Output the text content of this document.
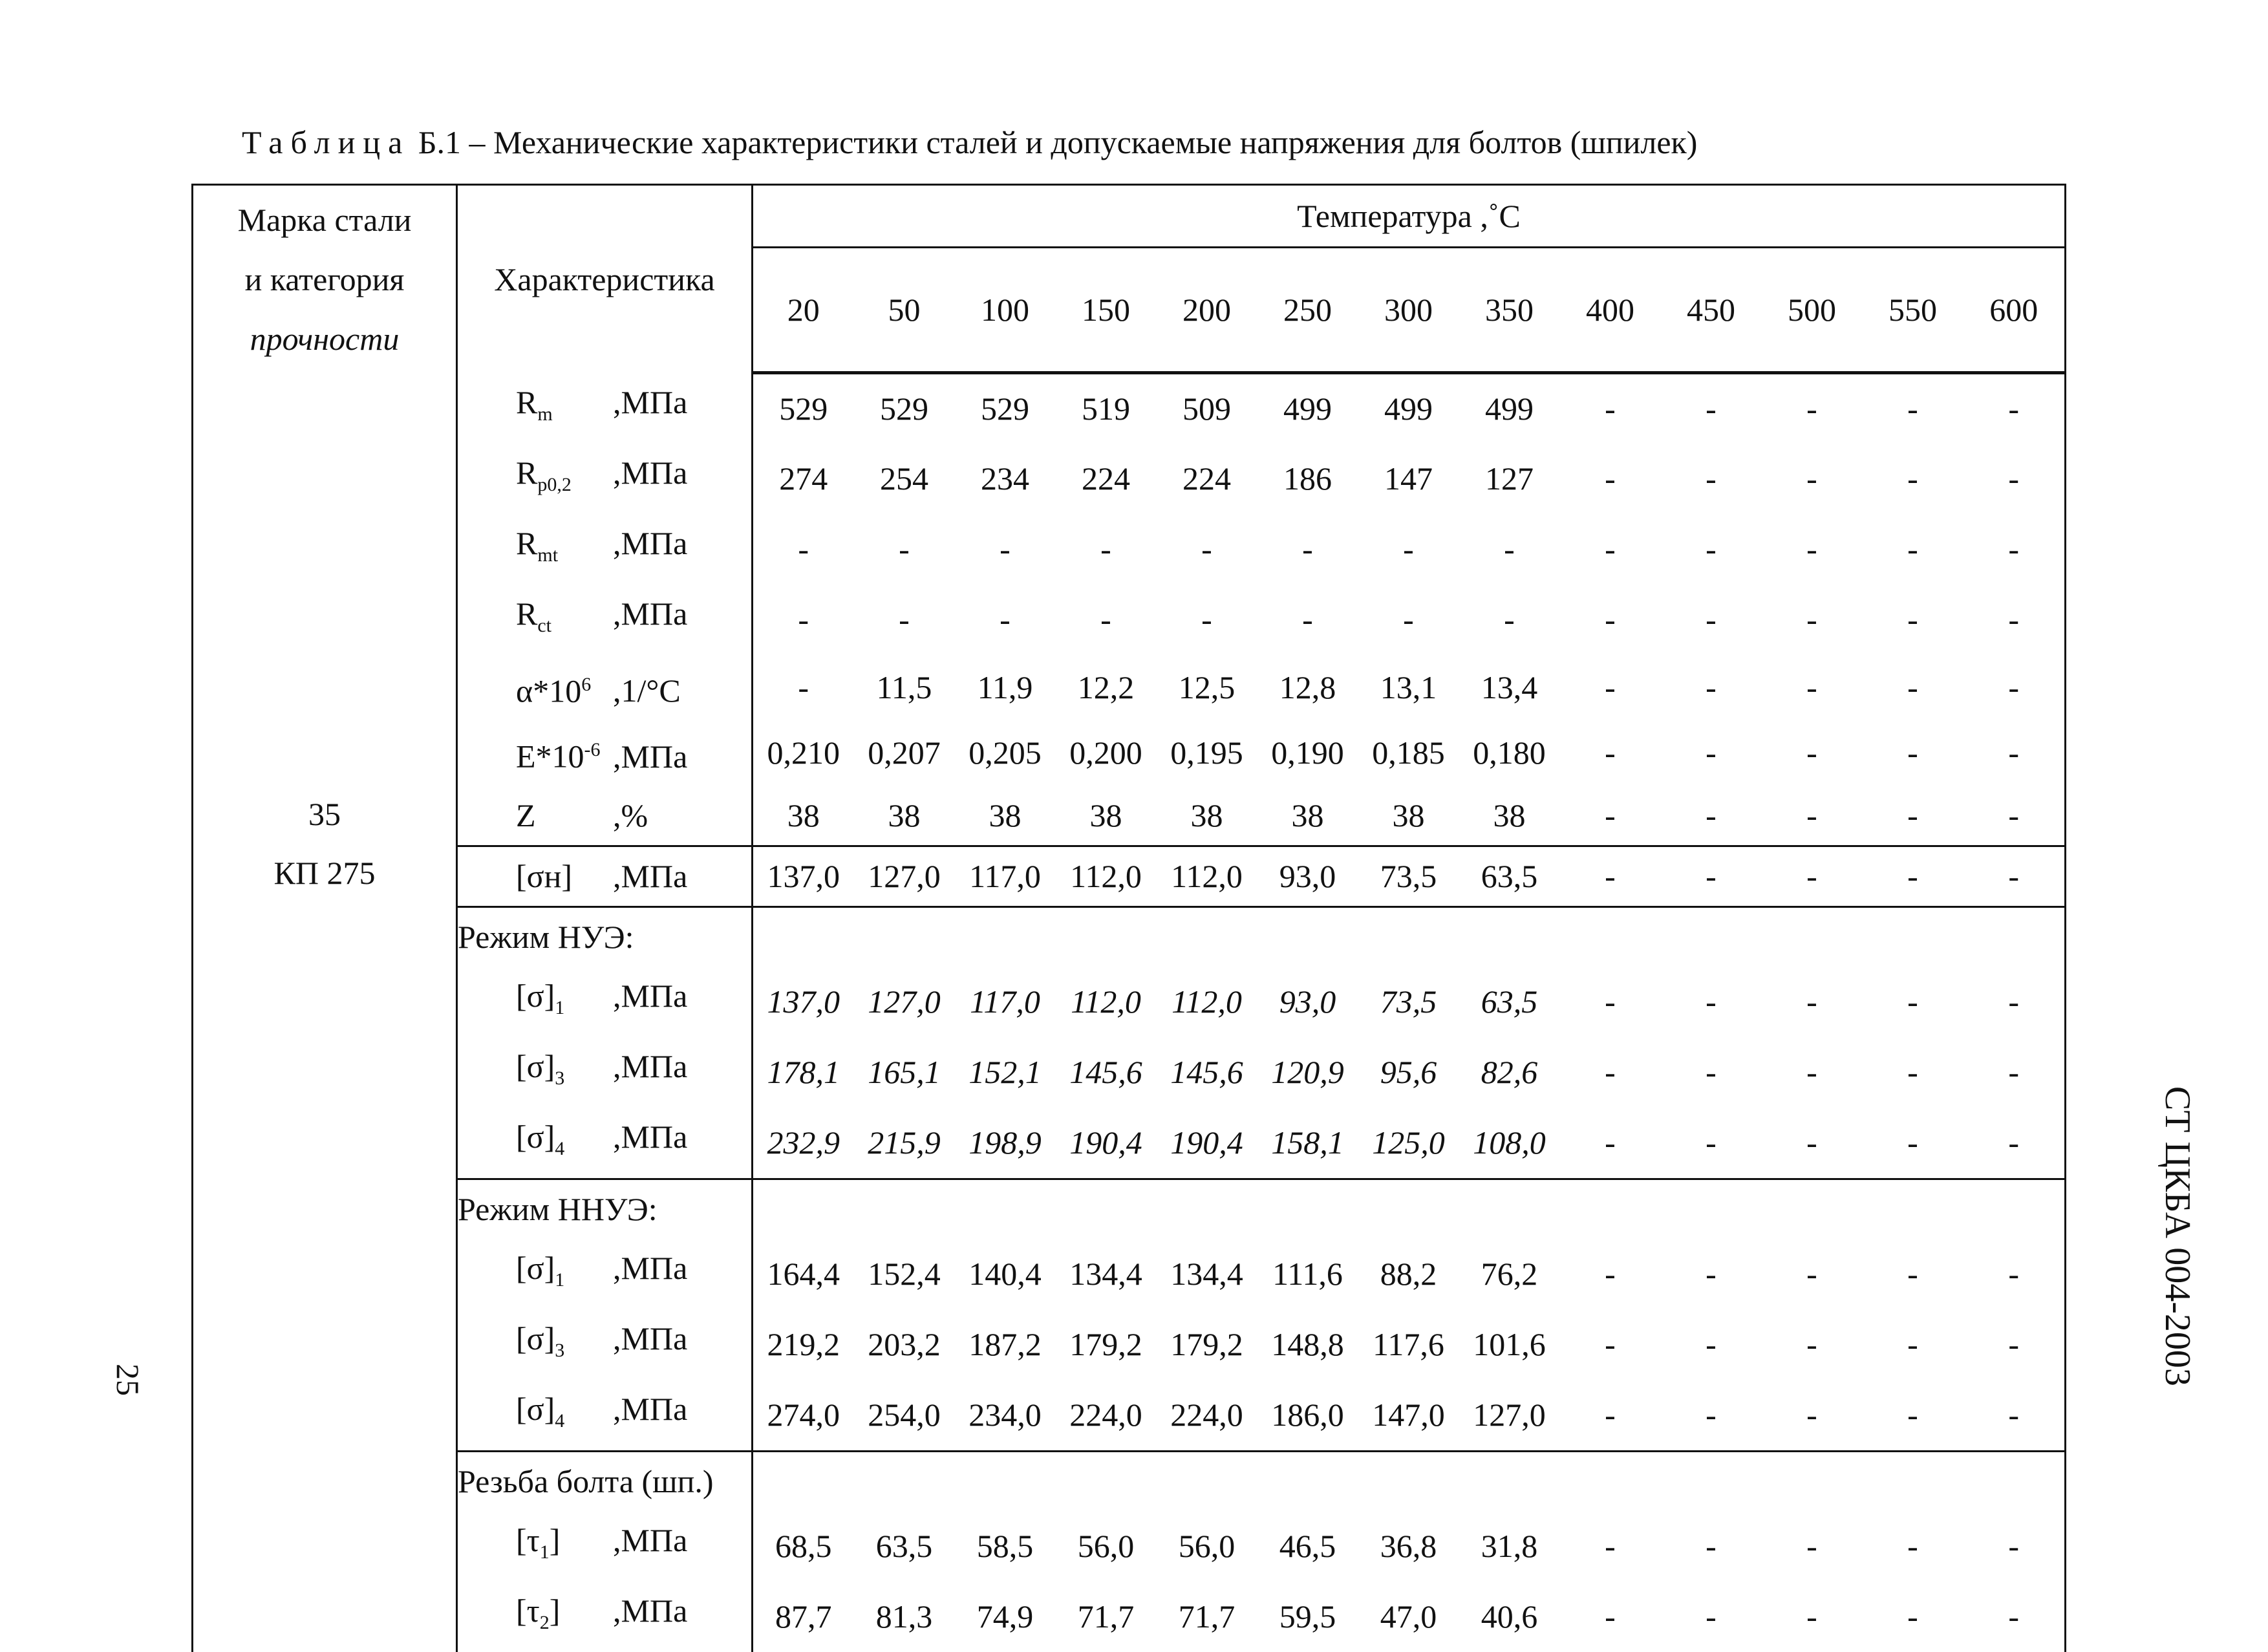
Таблица Б.1 – Механические характеристики сталей и допускаемые напряжения для болтов (шпилек)
Марка стали
и категория
прочности	Характеристика	Температура ,˚С												
		20	50	100	150	200	250	300	350	400	450	500	550	600

35
КП 275	$R_m$ ,МПа	529	529	529	519	509	499	499	499	-	-	-	-	-
	$R_{p0,2}$ ,МПа	274	254	234	224	224	186	147	127	-	-	-	-	-
	$R_{mt}$ ,МПа	-	-	-	-	-	-	-	-	-	-	-	-	-
	$R_{ct}$ ,МПа	-	-	-	-	-	-	-	-	-	-	-	-	-
	$\alpha*10^6$ ,1/°С	-	11,5	11,9	12,2	12,5	12,8	13,1	13,4	-	-	-	-	-
	$E*10^{-6}$ ,МПа	0,210	0,207	0,205	0,200	0,195	0,190	0,185	0,180	-	-	-	-	-
	Z ,%	38	38	38	38	38	38	38	38	-	-	-	-	-
	[σн] ,МПа	137,0	127,0	117,0	112,0	112,0	93,0	73,5	63,5	-	-	-	-	-
	Режим НУЭ:													
	$[\sigma]_1$ ,МПа	137,0	127,0	117,0	112,0	112,0	93,0	73,5	63,5	-	-	-	-	-
	$[\sigma]_3$ ,МПа	178,1	165,1	152,1	145,6	145,6	120,9	95,6	82,6	-	-	-	-	-
	$[\sigma]_4$ ,МПа	232,9	215,9	198,9	190,4	190,4	158,1	125,0	108,0	-	-	-	-	-
	Режим ННУЭ:													
	$[\sigma]_1$ ,МПа	164,4	152,4	140,4	134,4	134,4	111,6	88,2	76,2	-	-	-	-	-
	$[\sigma]_3$ ,МПа	219,2	203,2	187,2	179,2	179,2	148,8	117,6	101,6	-	-	-	-	-
	$[\sigma]_4$ ,МПа	274,0	254,0	234,0	224,0	224,0	186,0	147,0	127,0	-	-	-	-	-
	Резьба болта (шп.)													
	$[\tau_1]$ ,МПа	68,5	63,5	58,5	56,0	56,0	46,5	36,8	31,8	-	-	-	-	-
	$[\tau_2]$ ,МПа	87,7	81,3	74,9	71,7	71,7	59,5	47,0	40,6	-	-	-	-	-
СТ ЦКБА 004-2003
25
